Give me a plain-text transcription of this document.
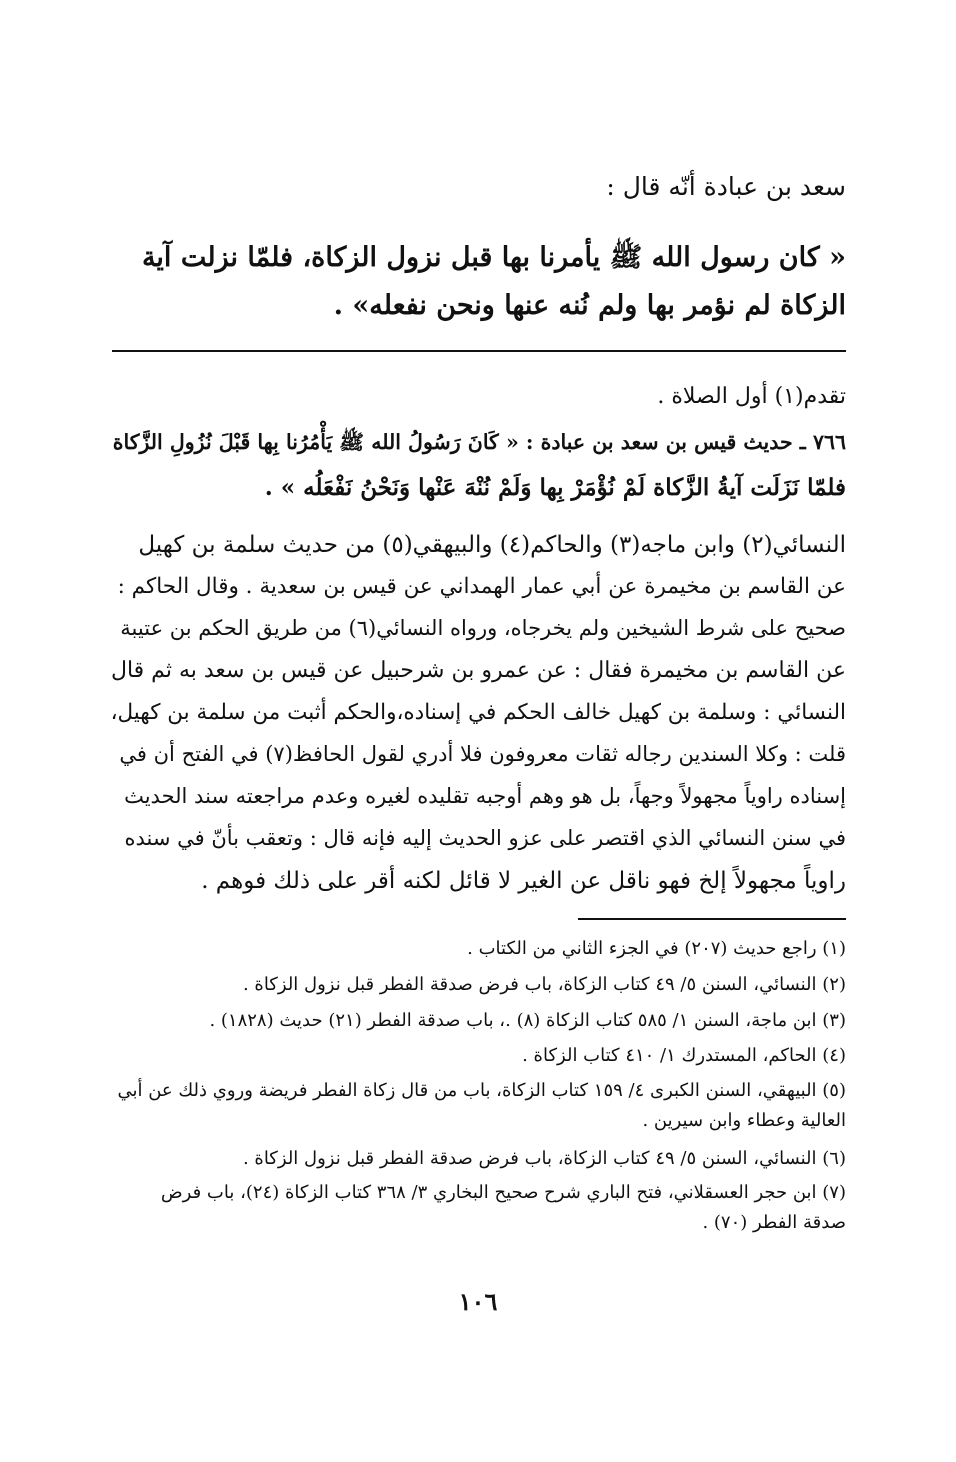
سعد بن عبادة أنّه قال :
« كان رسول الله ﷺ يأمرنا بها قبل نزول الزكاة، فلمّا نزلت آية
الزكاة لم نؤمر بها ولم نُنه عنها ونحن نفعله» .
تقدم(١) أول الصلاة .
٧٦٦ ـ حديث قيس بن سعد بن عبادة : « كَانَ رَسُولُ الله ﷺ يَأْمُرُنا بِها قَبْلَ نُزُولِ الزَّكاة
فلمّا نَزَلَت آيةُ الزَّكاة لَمْ نُؤْمَرْ بِها وَلَمْ نُنْهَ عَنْها وَنَحْنُ نَفْعَلُه » .
النسائي(٢) وابن ماجه(٣) والحاكم(٤) والبيهقي(٥) من حديث سلمة بن كهيل
عن القاسم بن مخيمرة عن أبي عمار الهمداني عن قيس بن سعدية . وقال الحاكم :
صحيح على شرط الشيخين ولم يخرجاه، ورواه النسائي(٦) من طريق الحكم بن عتيبة
عن القاسم بن مخيمرة فقال : عن عمرو بن شرحبيل عن قيس بن سعد به ثم قال
النسائي : وسلمة بن كهيل خالف الحكم في إسناده،والحكم أثبت من سلمة بن كهيل،
قلت : وكلا السندين رجاله ثقات معروفون فلا أدري لقول الحافظ(٧) في الفتح أن في
إسناده راوياً مجهولاً وجهاً، بل هو وهم أوجبه تقليده لغيره وعدم مراجعته سند الحديث
في سنن النسائي الذي اقتصر على عزو الحديث إليه فإنه قال : وتعقب بأنّ في سنده
راوياً مجهولاً إلخ فهو ناقل عن الغير لا قائل لكنه أقر على ذلك فوهم .
(١) راجع حديث (٢٠٧) في الجزء الثاني من الكتاب .
(٢) النسائي، السنن ٥/ ٤٩ كتاب الزكاة، باب فرض صدقة الفطر قبل نزول الزكاة .
(٣) ابن ماجة، السنن ١/ ٥٨٥ كتاب الزكاة (٨) .، باب صدقة الفطر (٢١) حديث (١٨٢٨) .
(٤) الحاكم، المستدرك ١/ ٤١٠ كتاب الزكاة .
(٥) البيهقي، السنن الكبرى ٤/ ١٥٩ كتاب الزكاة، باب من قال زكاة الفطر فريضة وروي ذلك عن أبي
العالية وعطاء وابن سيرين .
(٦) النسائي، السنن ٥/ ٤٩ كتاب الزكاة، باب فرض صدقة الفطر قبل نزول الزكاة .
(٧) ابن حجر العسقلاني، فتح الباري شرح صحيح البخاري ٣/ ٣٦٨ كتاب الزكاة (٢٤)، باب فرض
صدقة الفطر (٧٠) .
١٠٦
